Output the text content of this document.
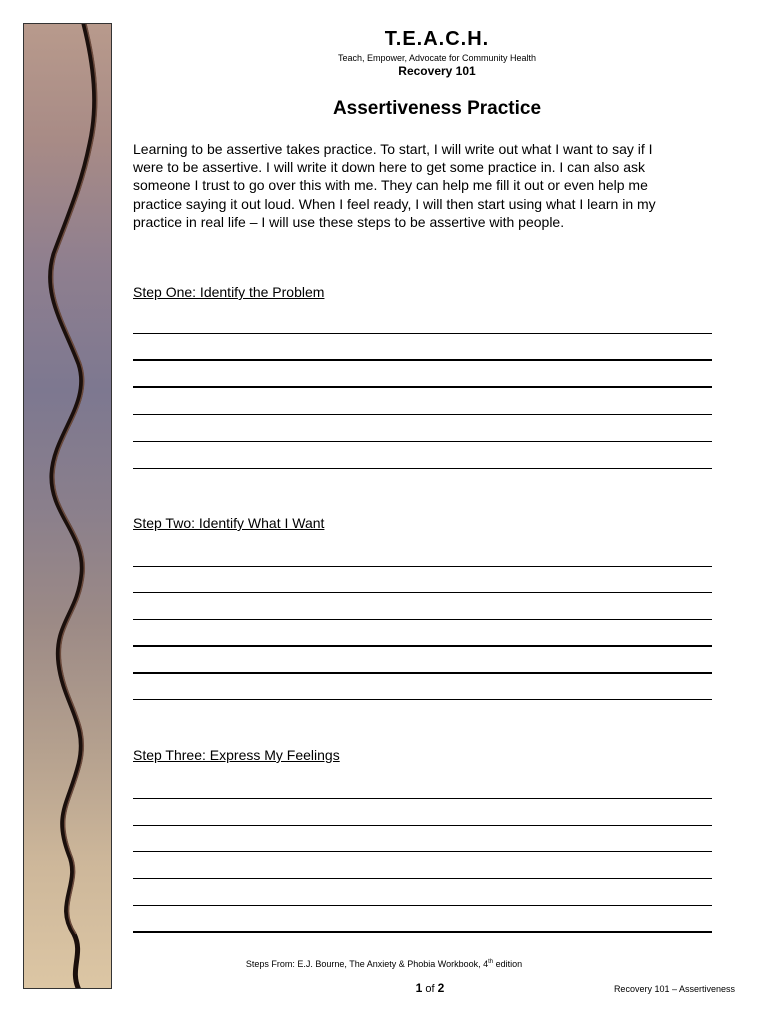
T.E.A.C.H.
Teach, Empower, Advocate for Community Health
Recovery 101
Assertiveness Practice

Learning to be assertive takes practice. To start, I will write out what I want to say if I
were to be assertive. I will write it down here to get some practice in. I can also ask
someone I trust to go over this with me. They can help me fill it out or even help me
practice saying it out loud. When I feel ready, I will then start using what I learn in my
practice in real life – I will use these steps to be assertive with people.

Step One: Identify the Problem
Step Two: Identify What I Want
Step Three: Express My Feelings
Steps From: E.J. Bourne, The Anxiety & Phobia Workbook, 4th edition
1 of 2	Recovery 101 – Assertiveness
